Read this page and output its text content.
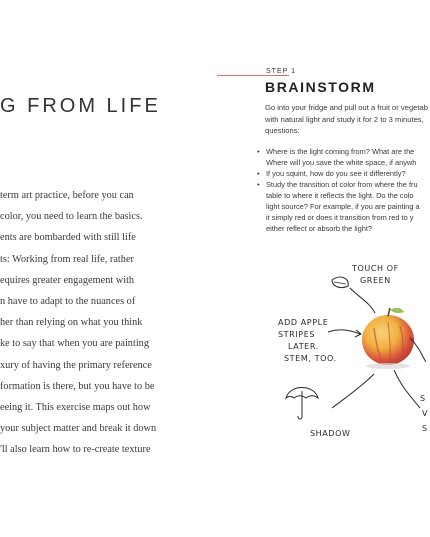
G FROM LIFE
term art practice, before you can
color, you need to learn the basics.
ents are bombarded with still life
ts: Working from real life, rather
equires greater engagement with
n have to adapt to the nuances of
her than relying on what you think
ke to say that when you are painting
xury of having the primary reference
formation is there, but you have to be
eeing it. This exercise maps out how
your subject matter and break it down
'll also learn how to re-create texture
STEP 1
BRAINSTORM
Go into your fridge and pull out a fruit or vegetab
with natural light and study it for 2 to 3 minutes,
questions:
• Where is the light coming from? What are the
Where will you save the white space, if anywh
• If you squint, how do you see it differently?
• Study the transition of color from where the fru
table to where it reflects the light. Do the colo
light source? For example, if you are painting a
it simply red or does it transition from red to y
either reflect or absorb the light?
TOUCH OF
GREEN
ADD APPLE
STRIPES
LATER.
STEM, TOO.
SHADOW
S
V
S
